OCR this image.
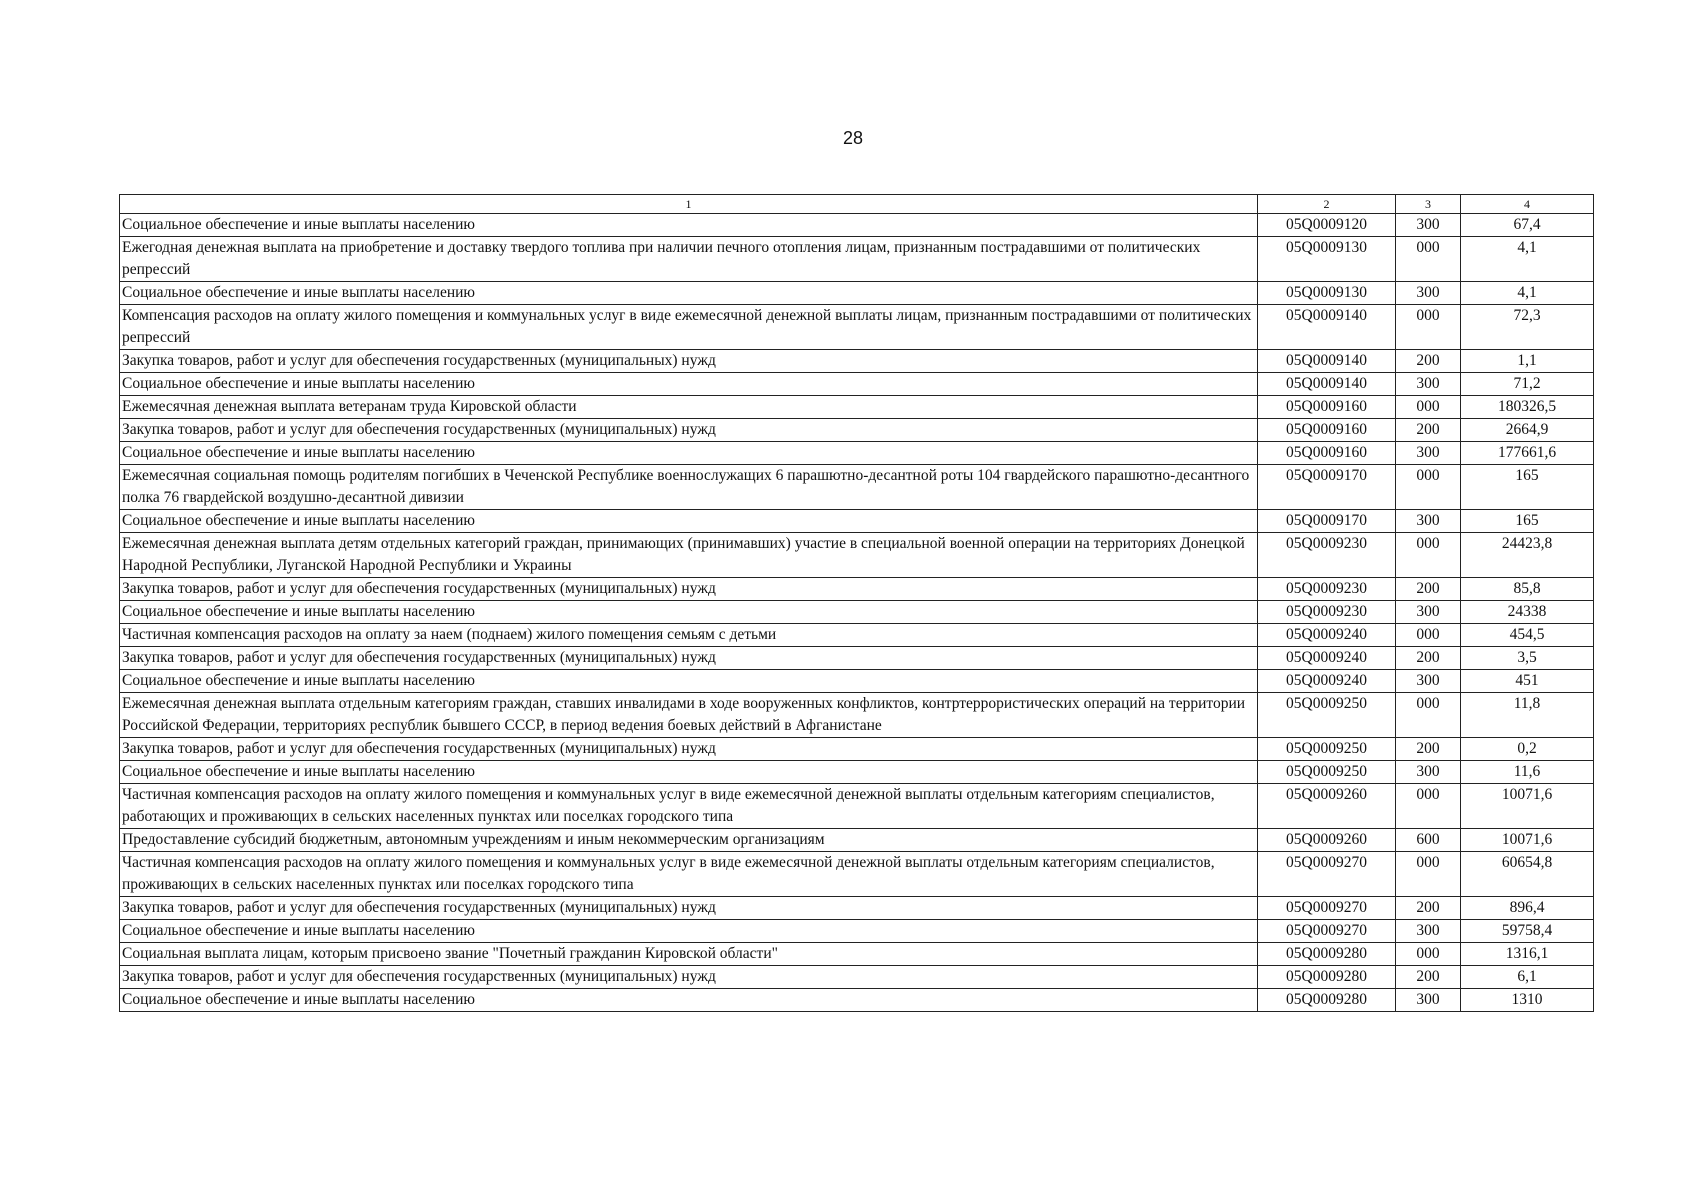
28
1	2	3	4
Социальное обеспечение и иные выплаты населению	05Q0009120	300	67,4
Ежегодная денежная выплата на приобретение и доставку твердого топлива при наличии печного отопления лицам, признанным пострадавшими от политических репрессий	05Q0009130	000	4,1
Социальное обеспечение и иные выплаты населению	05Q0009130	300	4,1
Компенсация расходов на оплату жилого помещения и коммунальных услуг в виде ежемесячной денежной выплаты лицам, признанным пострадавшими от политических репрессий	05Q0009140	000	72,3
Закупка товаров, работ и услуг для обеспечения государственных (муниципальных) нужд	05Q0009140	200	1,1
Социальное обеспечение и иные выплаты населению	05Q0009140	300	71,2
Ежемесячная денежная выплата ветеранам труда Кировской области	05Q0009160	000	180326,5
Закупка товаров, работ и услуг для обеспечения государственных (муниципальных) нужд	05Q0009160	200	2664,9
Социальное обеспечение и иные выплаты населению	05Q0009160	300	177661,6
Ежемесячная социальная помощь родителям погибших в Чеченской Республике военнослужащих 6 парашютно-десантной роты 104 гвардейского парашютно-десантного полка 76 гвардейской воздушно-десантной дивизии	05Q0009170	000	165
Социальное обеспечение и иные выплаты населению	05Q0009170	300	165
Ежемесячная денежная выплата детям отдельных категорий граждан, принимающих (принимавших) участие в специальной военной операции на территориях Донецкой Народной Республики, Луганской Народной Республики и Украины	05Q0009230	000	24423,8
Закупка товаров, работ и услуг для обеспечения государственных (муниципальных) нужд	05Q0009230	200	85,8
Социальное обеспечение и иные выплаты населению	05Q0009230	300	24338
Частичная компенсация расходов на оплату за наем (поднаем) жилого помещения семьям с детьми	05Q0009240	000	454,5
Закупка товаров, работ и услуг для обеспечения государственных (муниципальных) нужд	05Q0009240	200	3,5
Социальное обеспечение и иные выплаты населению	05Q0009240	300	451
Ежемесячная денежная выплата отдельным категориям граждан, ставших инвалидами в ходе вооруженных конфликтов, контртеррористических операций на территории Российской Федерации, территориях республик бывшего СССР, в период ведения боевых действий в Афганистане	05Q0009250	000	11,8
Закупка товаров, работ и услуг для обеспечения государственных (муниципальных) нужд	05Q0009250	200	0,2
Социальное обеспечение и иные выплаты населению	05Q0009250	300	11,6
Частичная компенсация расходов на оплату жилого помещения и коммунальных услуг в виде ежемесячной денежной выплаты отдельным категориям специалистов, работающих и проживающих в сельских населенных пунктах или поселках городского типа	05Q0009260	000	10071,6
Предоставление субсидий бюджетным, автономным учреждениям и иным некоммерческим организациям	05Q0009260	600	10071,6
Частичная компенсация расходов на оплату жилого помещения и коммунальных услуг в виде ежемесячной денежной выплаты отдельным категориям специалистов, проживающих в сельских населенных пунктах или поселках городского типа	05Q0009270	000	60654,8
Закупка товаров, работ и услуг для обеспечения государственных (муниципальных) нужд	05Q0009270	200	896,4
Социальное обеспечение и иные выплаты населению	05Q0009270	300	59758,4
Социальная выплата лицам, которым присвоено звание "Почетный гражданин Кировской области"	05Q0009280	000	1316,1
Закупка товаров, работ и услуг для обеспечения государственных (муниципальных) нужд	05Q0009280	200	6,1
Социальное обеспечение и иные выплаты населению	05Q0009280	300	1310
